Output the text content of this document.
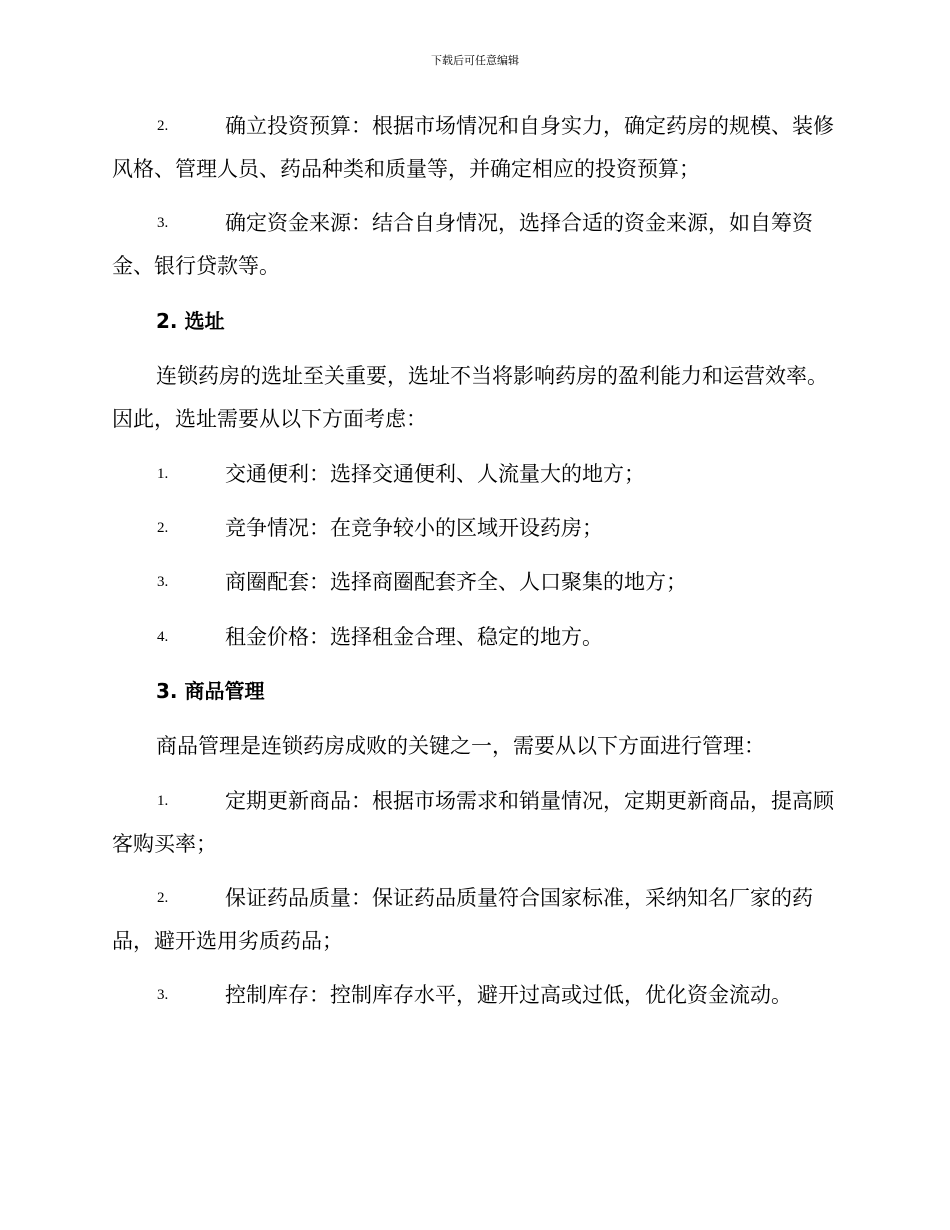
下载后可任意编辑
2.	确立投资预算：根据市场情况和自身实力，确定药房的规模、装修风格、管理人员、药品种类和质量等，并确定相应的投资预算；
3.	确定资金来源：结合自身情况，选择合适的资金来源，如自筹资金、银行贷款等。
2. 选址
连锁药房的选址至关重要，选址不当将影响药房的盈利能力和运营效率。因此，选址需要从以下方面考虑：
1.	交通便利：选择交通便利、人流量大的地方；
2.	竞争情况：在竞争较小的区域开设药房；
3.	商圈配套：选择商圈配套齐全、人口聚集的地方；
4.	租金价格：选择租金合理、稳定的地方。
3. 商品管理
商品管理是连锁药房成败的关键之一，需要从以下方面进行管理：
1.	定期更新商品：根据市场需求和销量情况，定期更新商品，提高顾客购买率；
2.	保证药品质量：保证药品质量符合国家标准，采纳知名厂家的药品，避开选用劣质药品；
3.	控制库存：控制库存水平，避开过高或过低，优化资金流动。
